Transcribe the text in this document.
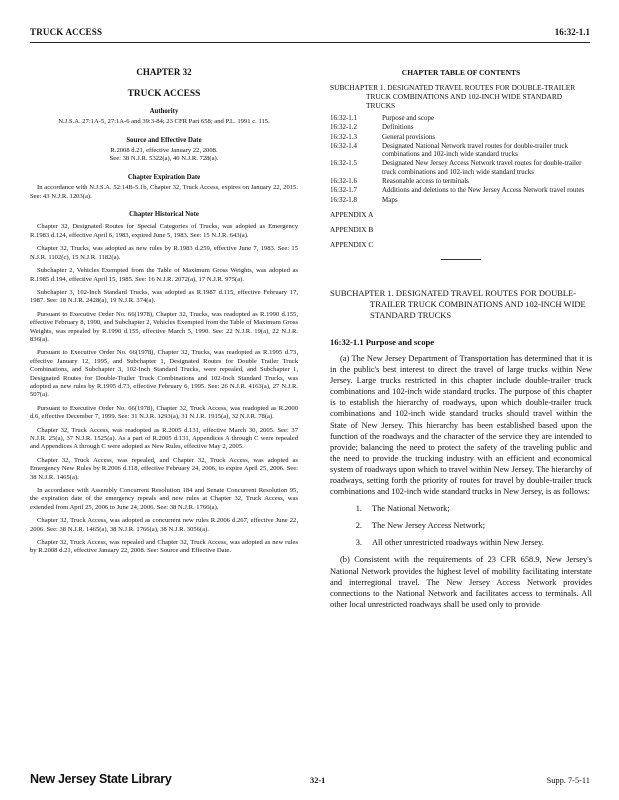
TRUCK ACCESS	16:32-1.1
CHAPTER 32
TRUCK ACCESS
Authority

N.J.S.A. 27:1A-5, 27:1A-6 and 39:3-84; 23 CFR Part 658; and P.L. 1991 c. 115.

Source and Effective Date

R.2008 d.21, effective January 22, 2008.

See: 38 N.J.R. 5322(a), 40 N.J.R. 728(a).

Chapter Expiration Date

In accordance with N.J.S.A. 52:14B-5.1b, Chapter 32, Truck Access, expires on January 22, 2015. See: 43 N.J.R. 1203(a).

Chapter Historical Note

Chapter 32, Designated Routes for Special Categories of Trucks, was adopted as Emergency R.1983 d.124, effective April 6, 1983, expired June 5, 1983. See: 15 N.J.R. 643(a).

Chapter 32, Trucks, was adopted as new rules by R.1983 d.259, effective June 7, 1983. See: 15 N.J.R. 1102(c), 15 N.J.R. 1182(a).

Subchapter 2, Vehicles Exempted from the Table of Maximum Gross Weights, was adopted as R.1985 d.194, effective April 15, 1985. See: 16 N.J.R. 2072(a), 17 N.J.R. 975(a).

Subchapter 3, 102-Inch Standard Trucks, was adopted as R.1987 d.115, effective February 17, 1987. See: 18 N.J.R. 2428(a), 19 N.J.R. 374(a).

Pursuant to Executive Order No. 66(1978), Chapter 32, Trucks, was readopted as R.1990 d.155, effective February 8, 1990, and Subchapter 2, Vehicles Exempted from the Table of Maximum Gross Weights, was repealed by R.1990 d.155, effective March 5, 1990. See: 22 N.J.R. 19(a), 22 N.J.R. 836(a).

Pursuant to Executive Order No. 66(1978), Chapter 32, Trucks, was readopted as R.1995 d.73, effective January 12, 1995, and Subchapter 1, Designated Routes for Double Trailer Truck Combinations, and Subchapter 3, 102-Inch Standard Trucks, were repealed, and Subchapter 1, Designated Routes for Double-Trailer Truck Combinations and 102-Inch Standard Trucks, was adopted as new rules by R.1995 d.73, effective February 6, 1995. See: 26 N.J.R. 4163(a), 27 N.J.R. 507(a).

Pursuant to Executive Order No. 66(1978), Chapter 32, Truck Access, was readopted as R.2000 d.6, effective December 7, 1999. See: 31 N.J.R. 1293(a), 31 N.J.R. 1915(a), 32 N.J.R. 78(a).

Chapter 32, Truck Access, was readopted as R.2005 d.131, effective March 30, 2005. See: 37 N.J.R. 25(a), 37 N.J.R. 1525(a). As a part of R.2005 d.131, Appendices A through C were repealed and Appendices A through C were adopted as New Rules, effective May 2, 2005.

Chapter 32, Truck Access, was repealed, and Chapter 32, Truck Access, was adopted as Emergency New Rules by R.2006 d.118, effective February 24, 2006, to expire April 25, 2006. See: 38 N.J.R. 1465(a).

In accordance with Assembly Concurrent Resolution 184 and Senate Concurrent Resolution 95, the expiration date of the emergency repeals and new rules at Chapter 32, Truck Access, was extended from April 25, 2006 to June 24, 2006. See: 38 N.J.R. 1766(a).

Chapter 32, Truck Access, was adopted as concurrent new rules R.2006 d.267, effective June 22, 2006. See: 38 N.J.R. 1465(a), 38 N.J.R. 1766(a), 38 N.J.R. 3056(a).

Chapter 32, Truck Access, was repealed and Chapter 32, Truck Access, was adopted as new rules by R.2008 d.21, effective January 22, 2008. See: Source and Effective Date.

CHAPTER TABLE OF CONTENTS
SUBCHAPTER 1. DESIGNATED TRAVEL ROUTES FOR DOUBLE-TRAILER TRUCK COMBINATIONS AND 102-INCH WIDE STANDARD TRUCKS
16:32-1.1	Purpose and scope
16:32-1.2	Definitions
16:32-1.3	General provisions
16:32-1.4	Designated National Network travel routes for double-trailer truck combinations and 102-inch wide standard trucks
16:32-1.5	Designated New Jersey Access Network travel routes for double-trailer truck combinations and 102-inch wide standard trucks
16:32-1.6	Reasonable access to terminals
16:32-1.7	Additions and deletions to the New Jersey Access Network travel routes
16:32-1.8	Maps
APPENDIX A
APPENDIX B
APPENDIX C
SUBCHAPTER 1. DESIGNATED TRAVEL ROUTES FOR DOUBLE-TRAILER TRUCK COMBINATIONS AND 102-INCH WIDE STANDARD TRUCKS
16:32-1.1 Purpose and scope

(a) The New Jersey Department of Transportation has determined that it is in the public's best interest to direct the travel of large trucks within New Jersey. Large trucks restricted in this chapter include double-trailer truck combinations and 102-inch wide standard trucks. The purpose of this chapter is to establish the hierarchy of roadways, upon which double-trailer truck combinations and 102-inch wide standard trucks should travel within the State of New Jersey. This hierarchy has been established based upon the function of the roadways and the character of the service they are intended to provide; balancing the need to protect the safety of the traveling public and the need to provide the trucking industry with an efficient and economical system of roadways upon which to travel within New Jersey. The hierarchy of roadways, setting forth the priority of routes for travel by double-trailer truck combinations and 102-inch wide standard trucks in New Jersey, is as follows:

1.	The National Network;
2.	The New Jersey Access Network;
3.	All other unrestricted roadways within New Jersey.

(b) Consistent with the requirements of 23 CFR 658.9, New Jersey's National Network provides the highest level of mobility facilitating interstate and interregional travel. The New Jersey Access Network provides connections to the National Network and facilitates access to terminals. All other local unrestricted roadways shall be used only to provide

New Jersey State Library	32-1	Supp. 7-5-11
